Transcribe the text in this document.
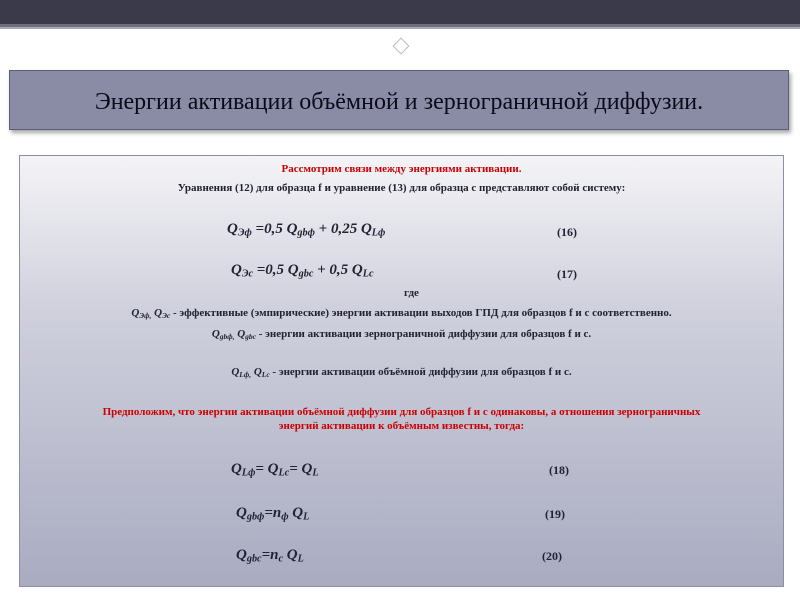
Энергии активации объёмной и зернограничной диффузии.
Рассмотрим связи между энергиями активации.
Уравнения (12) для образца f и уравнение (13) для образца c представляют собой систему:
$Q_{Эф} =0,5$ $Q_{gbф} + 0,25$ $Q_{Lф}$	(16)
$Q_{Эс} =0,5$ $Q_{gbc} + 0,5$ $Q_{Lc}$	(17)
где
$Q_{Эф,}$ $Q_{Эс}$ - эффективные (эмпирические) энергии активации выходов ГПД для образцов f и c соответственно.
$Q_{gbф,}$ $Q_{gbc}$ - энергии активации зернограничной диффузии для образцов f и c.
$Q_{Lф,}$ $Q_{Lc}$ - энергии активации объёмной диффузии для образцов f и c.
Предположим, что энергии активации объёмной диффузии для образцов f и c одинаковы, а отношения зернограничных
энергий активации к объёмным известны, тогда:
$Q_{Lф}= Q_{Lc}= Q_L$	(18)
$Q_{gbф}=n_ф$ $Q_L$	(19)
$Q_{gbc}=n_c$ $Q_L$	(20)
